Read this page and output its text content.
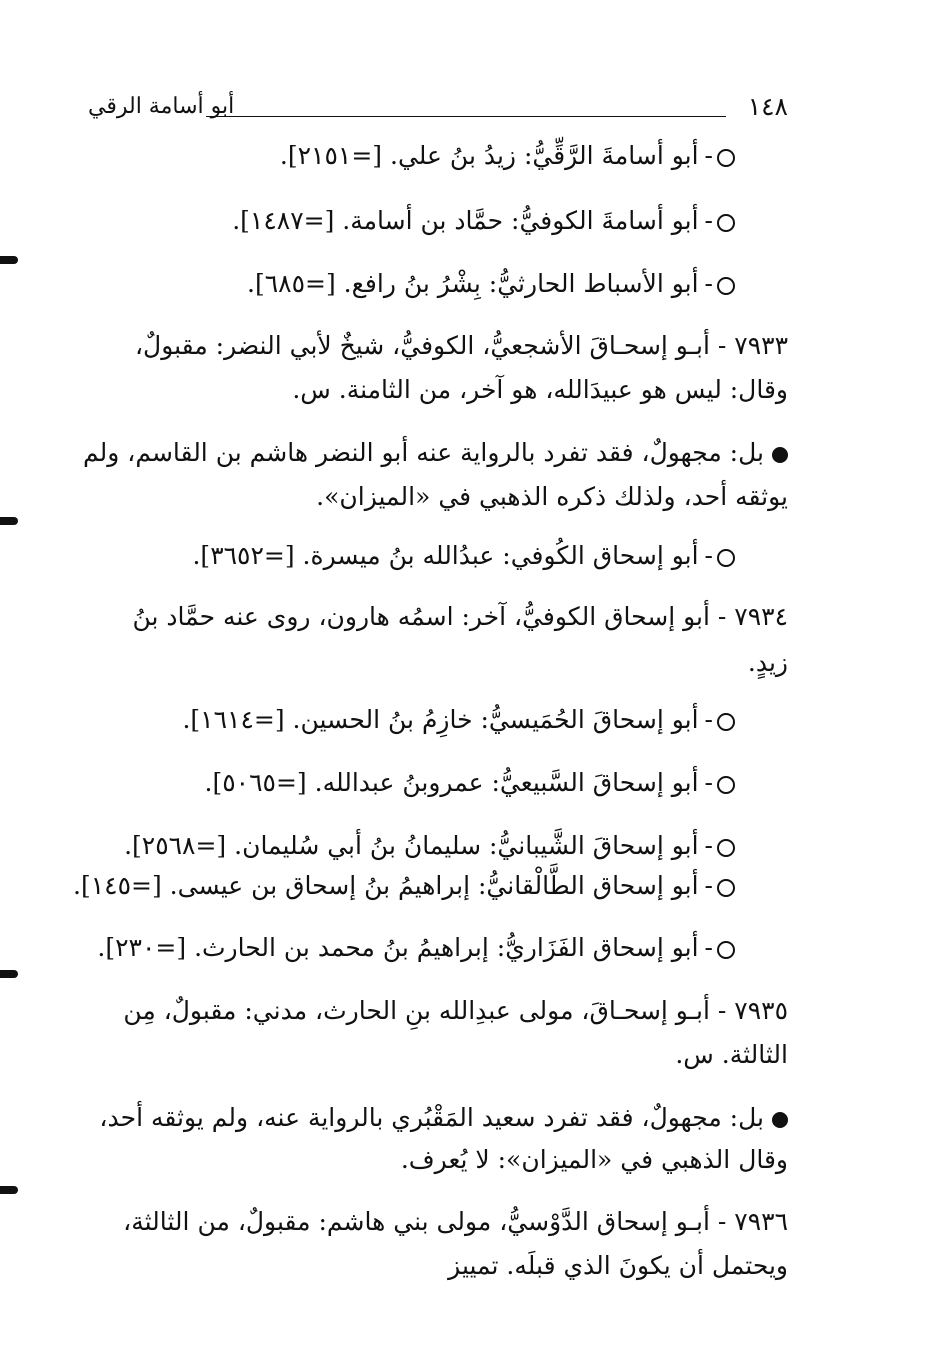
١٤٨
أبو أسامة الرقي
-أبو أسامةَ الرَّقِّيُّ: زيدُ بنُ علي. [=٢١٥١].
-أبو أسامةَ الكوفيُّ: حمَّاد بن أسامة. [=١٤٨٧].
-أبو الأسباط الحارثيُّ: بِشْرُ بنُ رافع. [=٦٨٥].
٧٩٣٣ - أبـو إسحـاقَ الأشجعيُّ، الكوفيُّ، شيخٌ لأبي النضر: مقبولٌ،
وقال: ليس هو عبيدَالله، هو آخر، من الثامنة. س.
بل: مجهولٌ، فقد تفرد بالرواية عنه أبو النضر هاشم بن القاسم، ولم
يوثقه أحد، ولذلك ذكره الذهبي في «الميزان».
-أبو إسحاق الكُوفي: عبدُالله بنُ ميسرة. [=٣٦٥٢].
٧٩٣٤ - أبو إسحاق الكوفيُّ، آخر: اسمُه هارون، روى عنه حمَّاد بنُ
زيدٍ.
-أبو إسحاقَ الحُمَيسيُّ: خازِمُ بنُ الحسين. [=١٦١٤].
-أبو إسحاقَ السَّبيعيُّ: عمروبنُ عبدالله. [=٥٠٦٥].
-أبو إسحاقَ الشَّيبانيُّ: سليمانُ بنُ أبي سُليمان. [=٢٥٦٨].
-أبو إسحاق الطَّالْقانيُّ: إبراهيمُ بنُ إسحاق بن عيسى. [=١٤٥].
-أبو إسحاق الفَزَاريُّ: إبراهيمُ بنُ محمد بن الحارث. [=٢٣٠].
٧٩٣٥ - أبـو إسحـاقَ، مولى عبدِالله بنِ الحارث، مدني: مقبولٌ، مِن
الثالثة. س.
بل: مجهولٌ، فقد تفرد سعيد المَقْبُري بالرواية عنه، ولم يوثقه أحد،
وقال الذهبي في «الميزان»: لا يُعرف.
٧٩٣٦ - أبـو إسحاق الدَّوْسيُّ، مولى بني هاشم: مقبولٌ، من الثالثة،
ويحتمل أن يكونَ الذي قبلَه. تمييز
